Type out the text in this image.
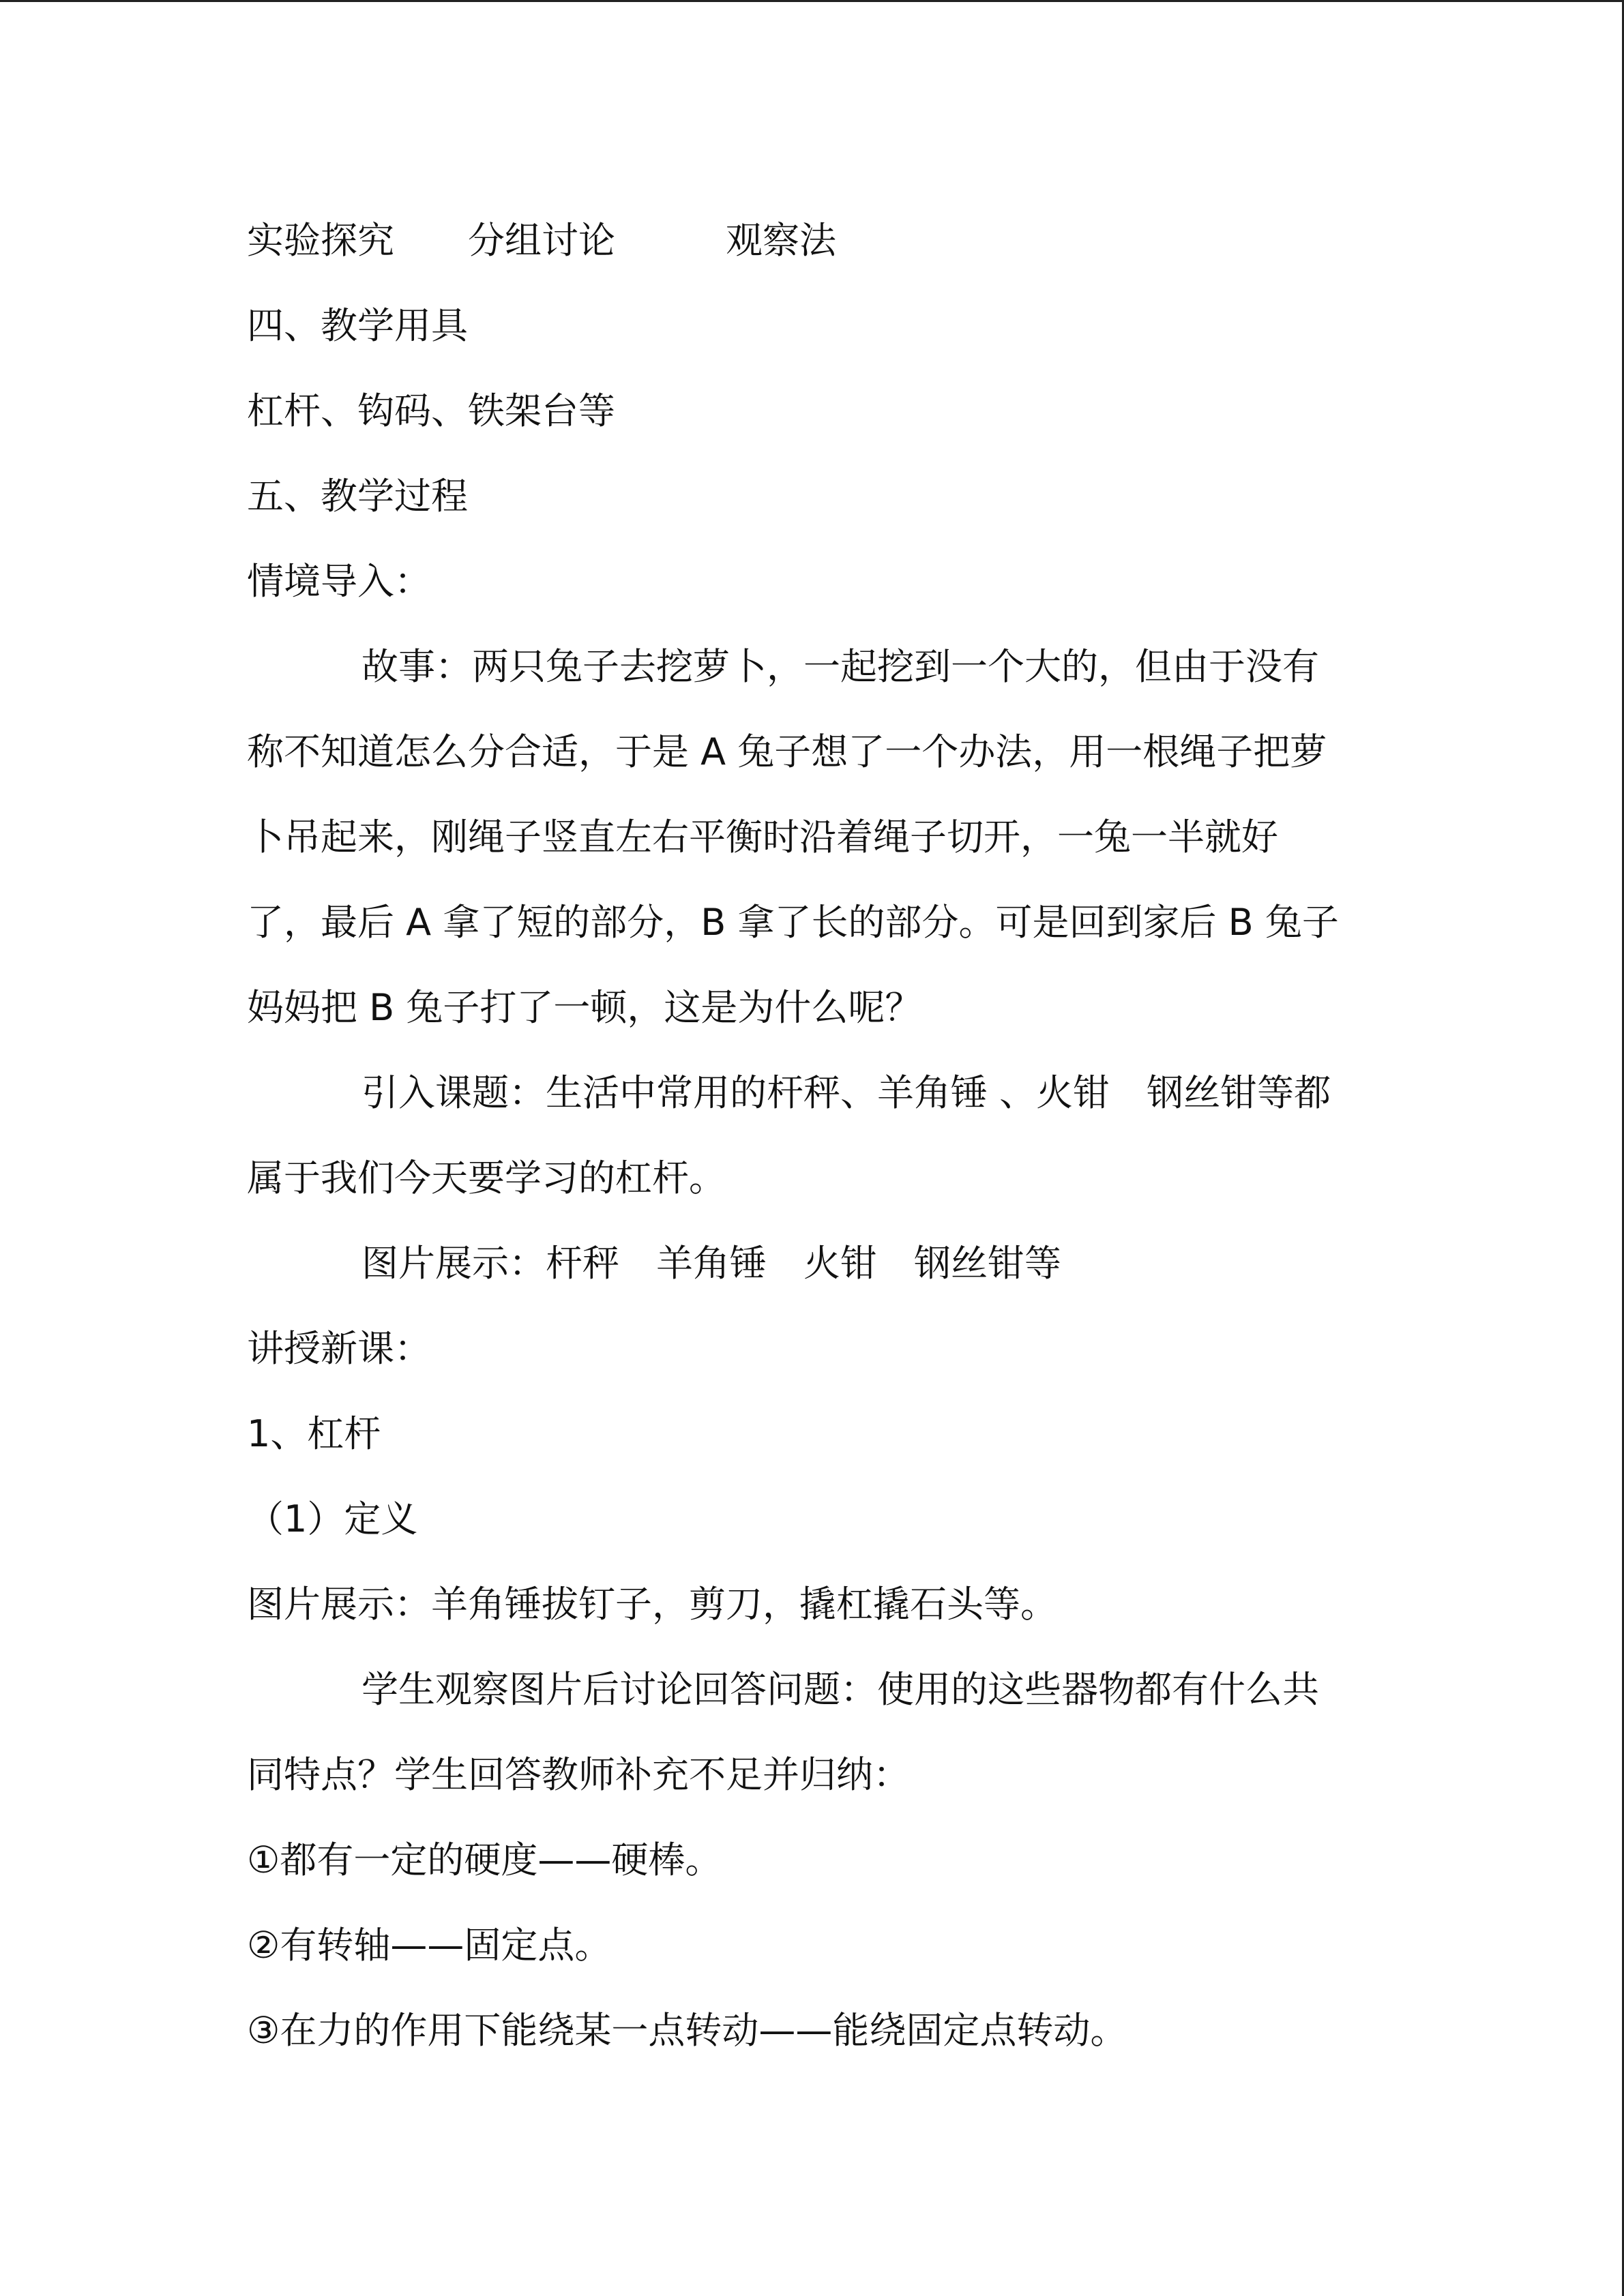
实验探究　　分组讨论　　　观察法

四、教学用具

杠杆、钩码、铁架台等

五、教学过程

情境导入：

故事：两只兔子去挖萝卜，一起挖到一个大的，但由于没有

称不知道怎么分合适，于是 A 兔子想了一个办法，用一根绳子把萝

卜吊起来，刚绳子竖直左右平衡时沿着绳子切开，一兔一半就好

了，最后 A 拿了短的部分，B 拿了长的部分。可是回到家后 B 兔子

妈妈把 B 兔子打了一顿，这是为什么呢？

引入课题：生活中常用的杆秤、羊角锤 、火钳　钢丝钳等都

属于我们今天要学习的杠杆。

图片展示：杆秤　羊角锤　火钳　钢丝钳等

讲授新课：

1、杠杆

（1）定义

图片展示：羊角锤拔钉子，剪刀，撬杠撬石头等。

学生观察图片后讨论回答问题：使用的这些器物都有什么共

同特点？学生回答教师补充不足并归纳：

①都有一定的硬度——硬棒。

②有转轴——固定点。

③在力的作用下能绕某一点转动——能绕固定点转动。
